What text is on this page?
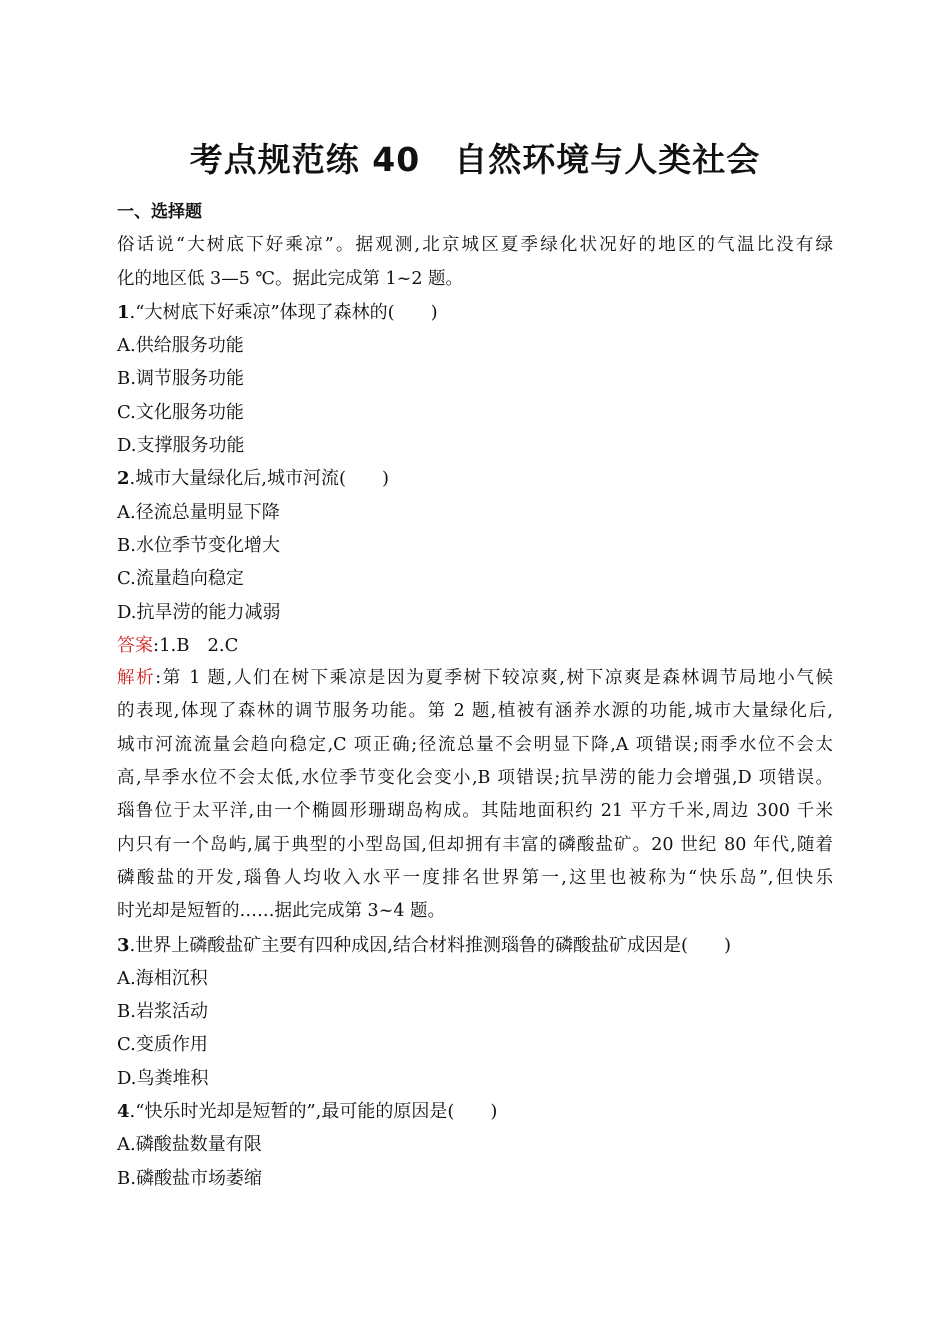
考点规范练 40　自然环境与人类社会
一、选择题
俗话说“大树底下好乘凉”。据观测,北京城区夏季绿化状况好的地区的气温比没有绿
化的地区低 3—5 ℃。据此完成第 1~2 题。
1.“大树底下好乘凉”体现了森林的(　　)
A.供给服务功能
B.调节服务功能
C.文化服务功能
D.支撑服务功能
2.城市大量绿化后,城市河流(　　)
A.径流总量明显下降
B.水位季节变化增大
C.流量趋向稳定
D.抗旱涝的能力减弱
答案:1.B　2.C
解析:第 1 题,人们在树下乘凉是因为夏季树下较凉爽,树下凉爽是森林调节局地小气候
的表现,体现了森林的调节服务功能。第 2 题,植被有涵养水源的功能,城市大量绿化后,
城市河流流量会趋向稳定,C 项正确;径流总量不会明显下降,A 项错误;雨季水位不会太
高,旱季水位不会太低,水位季节变化会变小,B 项错误;抗旱涝的能力会增强,D 项错误。
瑙鲁位于太平洋,由一个椭圆形珊瑚岛构成。其陆地面积约 21 平方千米,周边 300 千米
内只有一个岛屿,属于典型的小型岛国,但却拥有丰富的磷酸盐矿。20 世纪 80 年代,随着
磷酸盐的开发,瑙鲁人均收入水平一度排名世界第一,这里也被称为“快乐岛”,但快乐
时光却是短暂的……据此完成第 3~4 题。
3.世界上磷酸盐矿主要有四种成因,结合材料推测瑙鲁的磷酸盐矿成因是(　　)
A.海相沉积
B.岩浆活动
C.变质作用
D.鸟粪堆积
4.“快乐时光却是短暂的”,最可能的原因是(　　)
A.磷酸盐数量有限
B.磷酸盐市场萎缩
